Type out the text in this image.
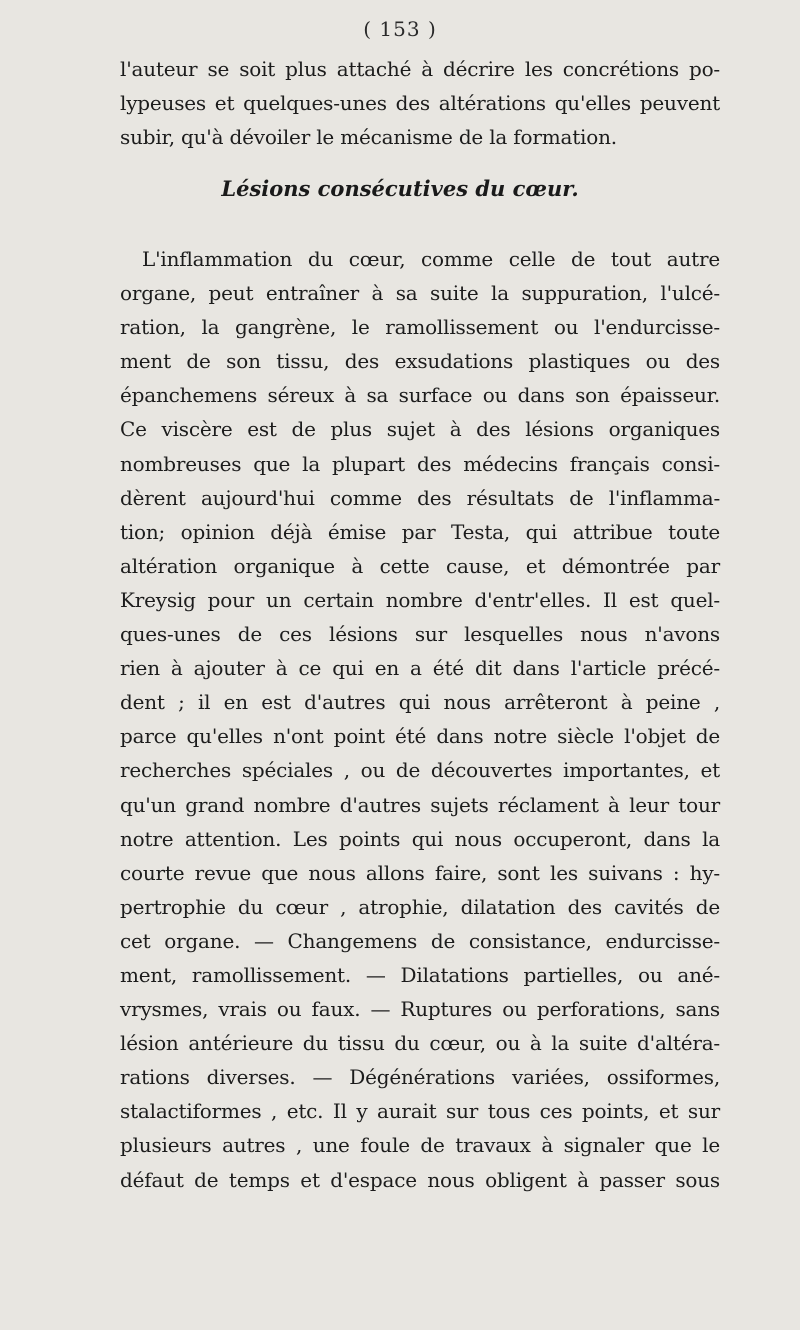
( 153 )
l'auteur se soit plus attaché à décrire les concrétions po-
lypeuses et quelques-unes des altérations qu'elles peuvent
subir, qu'à dévoiler le mécanisme de la formation.
Lésions consécutives du cœur.
L'inflammation du cœur, comme celle de tout autre
organe, peut entraîner à sa suite la suppuration, l'ulcé-
ration, la gangrène, le ramollissement ou l'endurcisse-
ment de son tissu, des exsudations plastiques ou des
épanchemens séreux à sa surface ou dans son épaisseur.
Ce viscère est de plus sujet à des lésions organiques
nombreuses que la plupart des médecins français consi-
dèrent aujourd'hui comme des résultats de l'inflamma-
tion; opinion déjà émise par Testa, qui attribue toute
altération organique à cette cause, et démontrée par
Kreysig pour un certain nombre d'entr'elles. Il est quel-
ques-unes de ces lésions sur lesquelles nous n'avons
rien à ajouter à ce qui en a été dit dans l'article précé-
dent ; il en est d'autres qui nous arrêteront à peine ,
parce qu'elles n'ont point été dans notre siècle l'objet de
recherches spéciales , ou de découvertes importantes, et
qu'un grand nombre d'autres sujets réclament à leur tour
notre attention. Les points qui nous occuperont, dans la
courte revue que nous allons faire, sont les suivans : hy-
pertrophie du cœur , atrophie, dilatation des cavités de
cet organe. — Changemens de consistance, endurcisse-
ment, ramollissement. — Dilatations partielles, ou ané-
vrysmes, vrais ou faux. — Ruptures ou perforations, sans
lésion antérieure du tissu du cœur, ou à la suite d'altéra-
rations diverses. — Dégénérations variées, ossiformes,
stalactiformes , etc. Il y aurait sur tous ces points, et sur
plusieurs autres , une foule de travaux à signaler que le
défaut de temps et d'espace nous obligent à passer sous
